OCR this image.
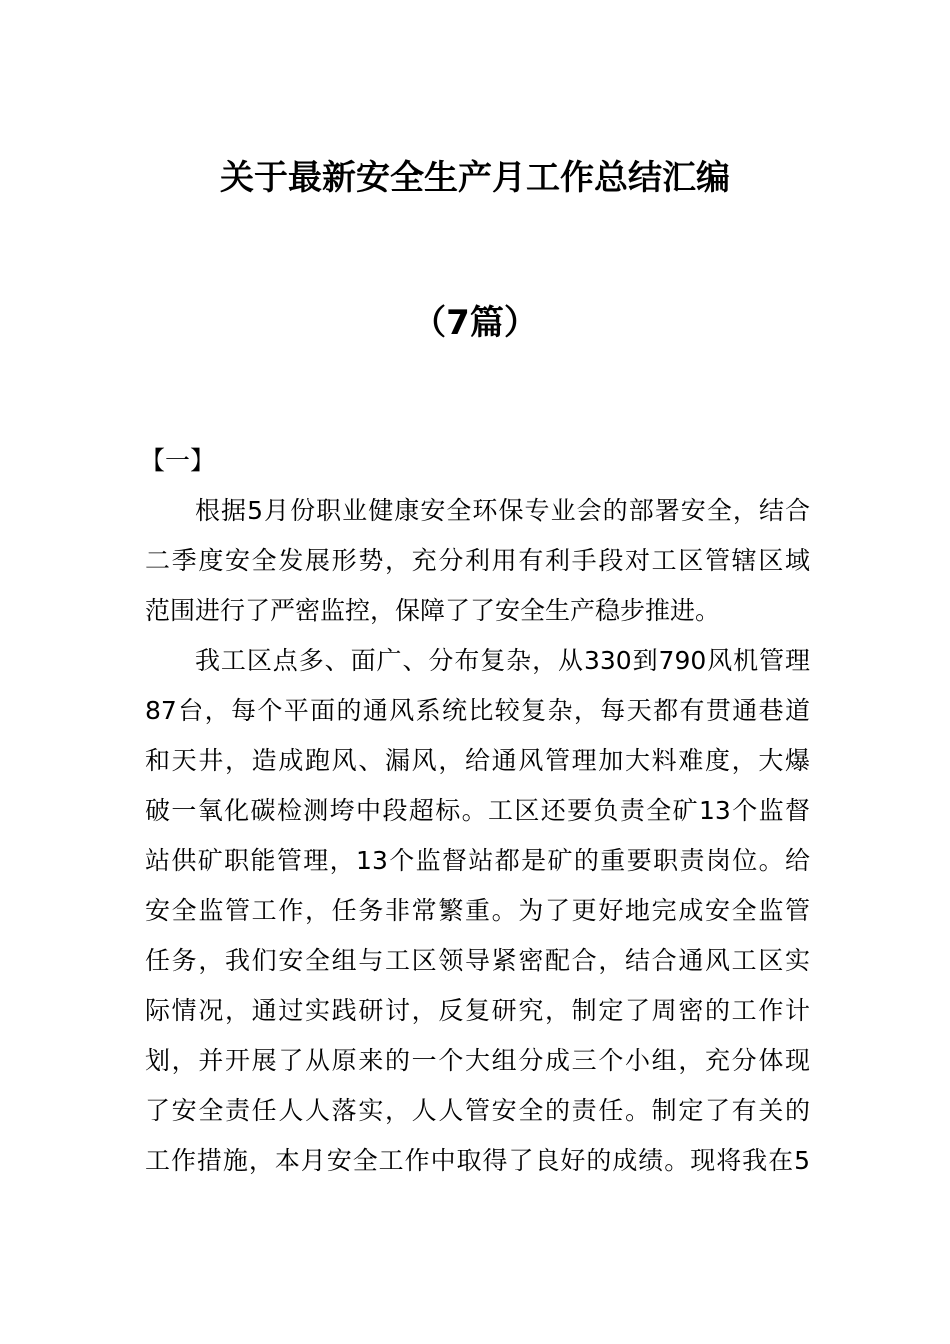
关于最新安全生产月工作总结汇编
（7篇）
【一】
根据5月份职业健康安全环保专业会的部署安全，结合
二季度安全发展形势，充分利用有利手段对工区管辖区域
范围进行了严密监控，保障了了安全生产稳步推进。
我工区点多、面广、分布复杂，从330到790风机管理
87台，每个平面的通风系统比较复杂，每天都有贯通巷道
和天井，造成跑风、漏风，给通风管理加大料难度，大爆
破一氧化碳检测垮中段超标。工区还要负责全矿13个监督
站供矿职能管理，13个监督站都是矿的重要职责岗位。给
安全监管工作，任务非常繁重。为了更好地完成安全监管
任务，我们安全组与工区领导紧密配合，结合通风工区实
际情况，通过实践研讨，反复研究，制定了周密的工作计
划，并开展了从原来的一个大组分成三个小组，充分体现
了安全责任人人落实，人人管安全的责任。制定了有关的
工作措施，本月安全工作中取得了良好的成绩。现将我在5
